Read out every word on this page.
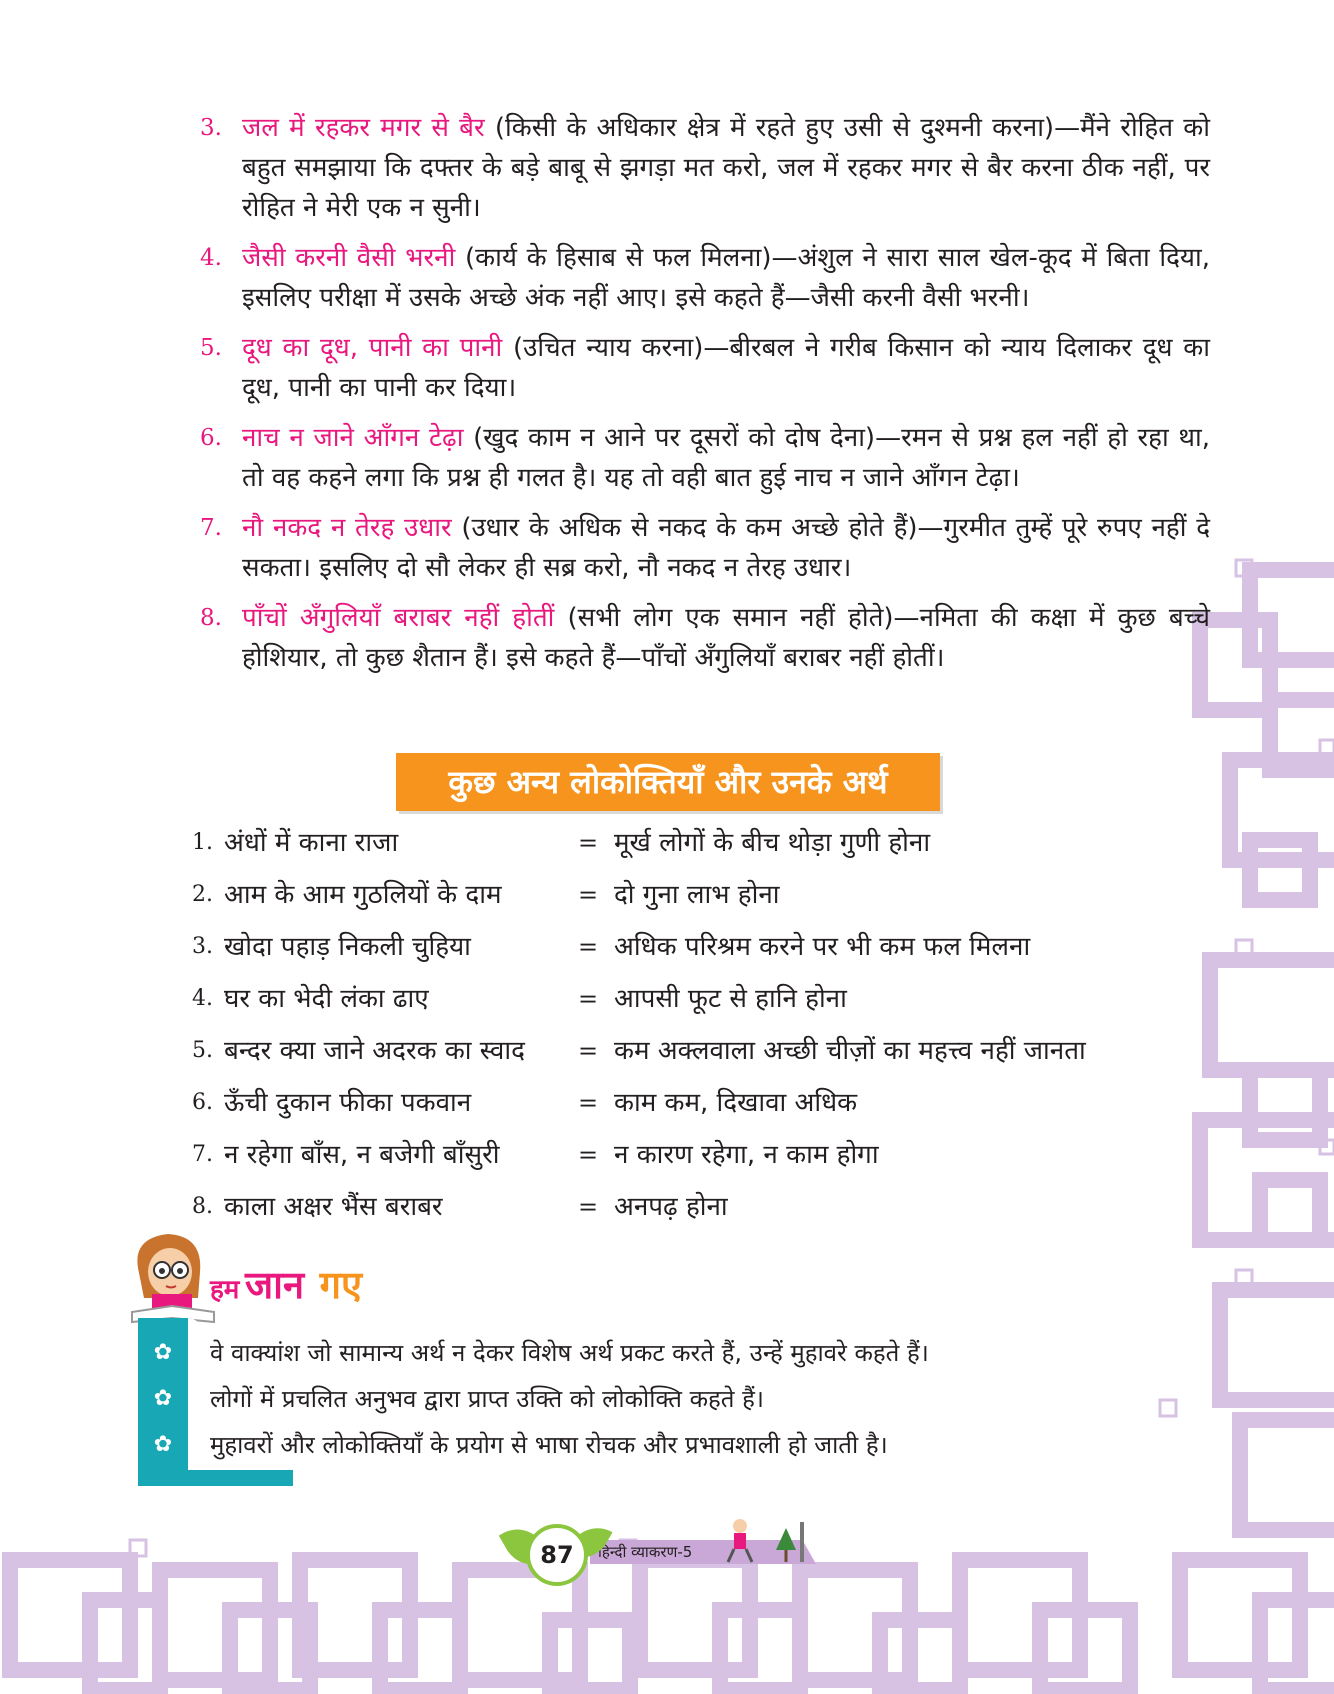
3. जल में रहकर मगर से बैर (किसी के अधिकार क्षेत्र में रहते हुए उसी से दुश्मनी करना)—मैंने रोहित को बहुत समझाया कि दफ्तर के बड़े बाबू से झगड़ा मत करो, जल में रहकर मगर से बैर करना ठीक नहीं, पर रोहित ने मेरी एक न सुनी।
4. जैसी करनी वैसी भरनी (कार्य के हिसाब से फल मिलना)—अंशुल ने सारा साल खेल-कूद में बिता दिया, इसलिए परीक्षा में उसके अच्छे अंक नहीं आए। इसे कहते हैं—जैसी करनी वैसी भरनी।
5. दूध का दूध, पानी का पानी (उचित न्याय करना)—बीरबल ने गरीब किसान को न्याय दिलाकर दूध का दूध, पानी का पानी कर दिया।
6. नाच न जाने आँगन टेढ़ा (खुद काम न आने पर दूसरों को दोष देना)—रमन से प्रश्न हल नहीं हो रहा था, तो वह कहने लगा कि प्रश्न ही गलत है। यह तो वही बात हुई नाच न जाने आँगन टेढ़ा।
7. नौ नकद न तेरह उधार (उधार के अधिक से नकद के कम अच्छे होते हैं)—गुरमीत तुम्हें पूरे रुपए नहीं दे सकता। इसलिए दो सौ लेकर ही सब्र करो, नौ नकद न तेरह उधार।
8. पाँचों अँगुलियाँ बराबर नहीं होतीं (सभी लोग एक समान नहीं होते)—नमिता की कक्षा में कुछ बच्चे होशियार, तो कुछ शैतान हैं। इसे कहते हैं—पाँचों अँगुलियाँ बराबर नहीं होतीं।
कुछ अन्य लोकोक्तियाँ और उनके अर्थ
1. अंधों में काना राजा	= मूर्ख लोगों के बीच थोड़ा गुणी होना
2. आम के आम गुठलियों के दाम	= दो गुना लाभ होना
3. खोदा पहाड़ निकली चुहिया	= अधिक परिश्रम करने पर भी कम फल मिलना
4. घर का भेदी लंका ढाए	= आपसी फूट से हानि होना
5. बन्दर क्या जाने अदरक का स्वाद = कम अक्लवाला अच्छी चीज़ों का महत्त्व नहीं जानता
6. ऊँची दुकान फीका पकवान	= काम कम, दिखावा अधिक
7. न रहेगा बाँस, न बजेगी बाँसुरी	= न कारण रहेगा, न काम होगा
8. काला अक्षर भैंस बराबर	= अनपढ़ होना
हम जान गए
✿
✿
✿
वे वाक्यांश जो सामान्य अर्थ न देकर विशेष अर्थ प्रकट करते हैं, उन्हें मुहावरे कहते हैं।
लोगों में प्रचलित अनुभव द्वारा प्राप्त उक्ति को लोकोक्ति कहते हैं।
मुहावरों और लोकोक्तियाँ के प्रयोग से भाषा रोचक और प्रभावशाली हो जाती है।
हिन्दी व्याकरण-5
87
